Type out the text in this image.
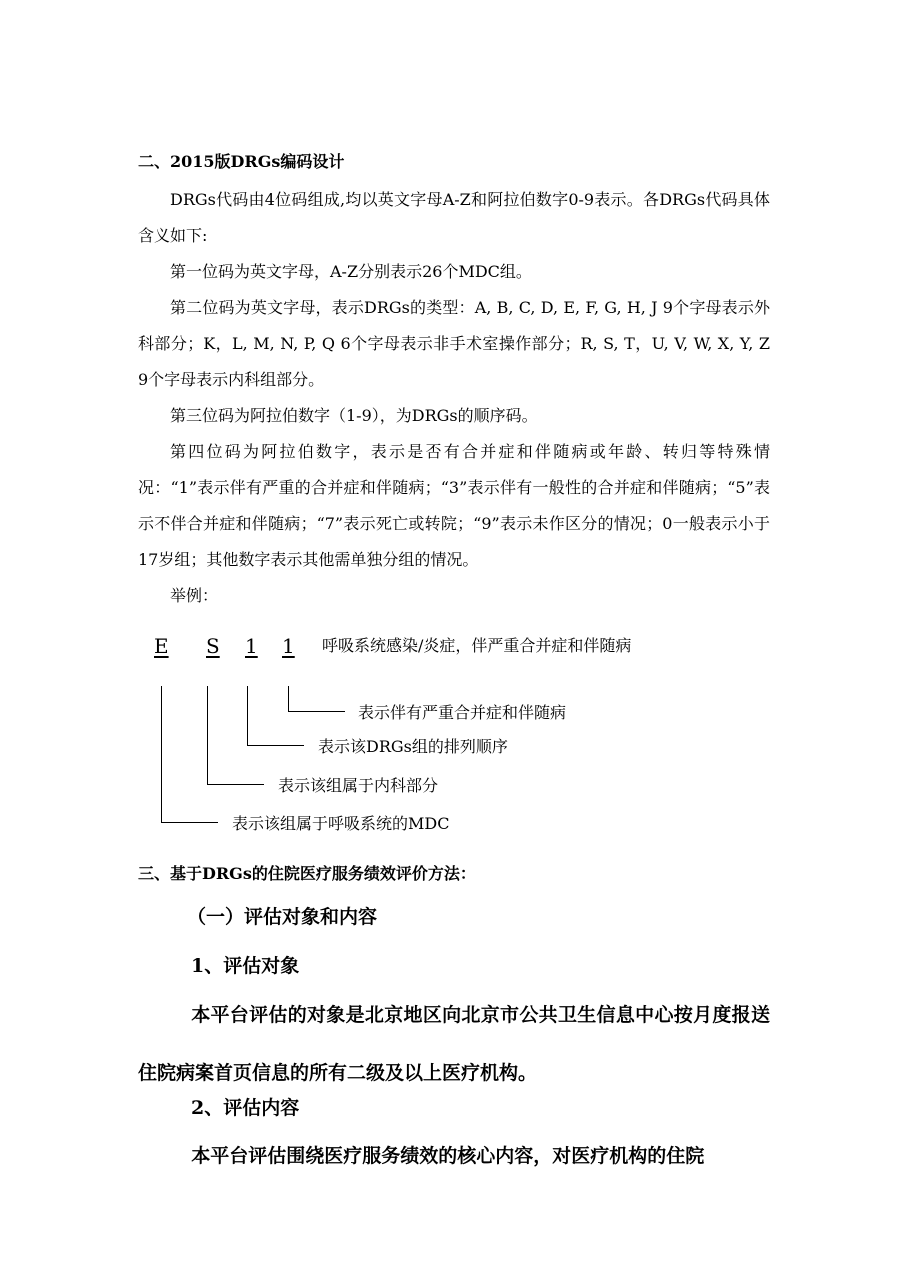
二、2015版DRGs编码设计

DRGs代码由4位码组成,均以英文字母A-Z和阿拉伯数字0-9表示。各DRGs代码具体含义如下:

第一位码为英文字母，A-Z分别表示26个MDC组。

第二位码为英文字母，表示DRGs的类型：A, B, C, D, E, F, G, H, J 9个字母表示外科部分；K，L, M, N, P, Q 6个字母表示非手术室操作部分；R, S, T，U, V, W, X, Y, Z 9个字母表示内科组部分。

第三位码为阿拉伯数字（1-9），为DRGs的顺序码。

第四位码为阿拉伯数字，表示是否有合并症和伴随病或年龄、转归等特殊情况：“1”表示伴有严重的合并症和伴随病；“3”表示伴有一般性的合并症和伴随病；“5”表示不伴合并症和伴随病；“7”表示死亡或转院；“9”表示未作区分的情况；0一般表示小于17岁组；其他数字表示其他需单独分组的情况。

举例：

E S 1 1 呼吸系统感染/炎症，伴严重合并症和伴随病
表示伴有严重合并症和伴随病
表示该DRGs组的排列顺序
表示该组属于内科部分
表示该组属于呼吸系统的MDC
三、基于DRGs的住院医疗服务绩效评价方法：
（一）评估对象和内容
1、评估对象

本平台评估的对象是北京地区向北京市公共卫生信息中心按月度报送住院病案首页信息的所有二级及以上医疗机构。

2、评估内容

本平台评估围绕医疗服务绩效的核心内容，对医疗机构的住院
